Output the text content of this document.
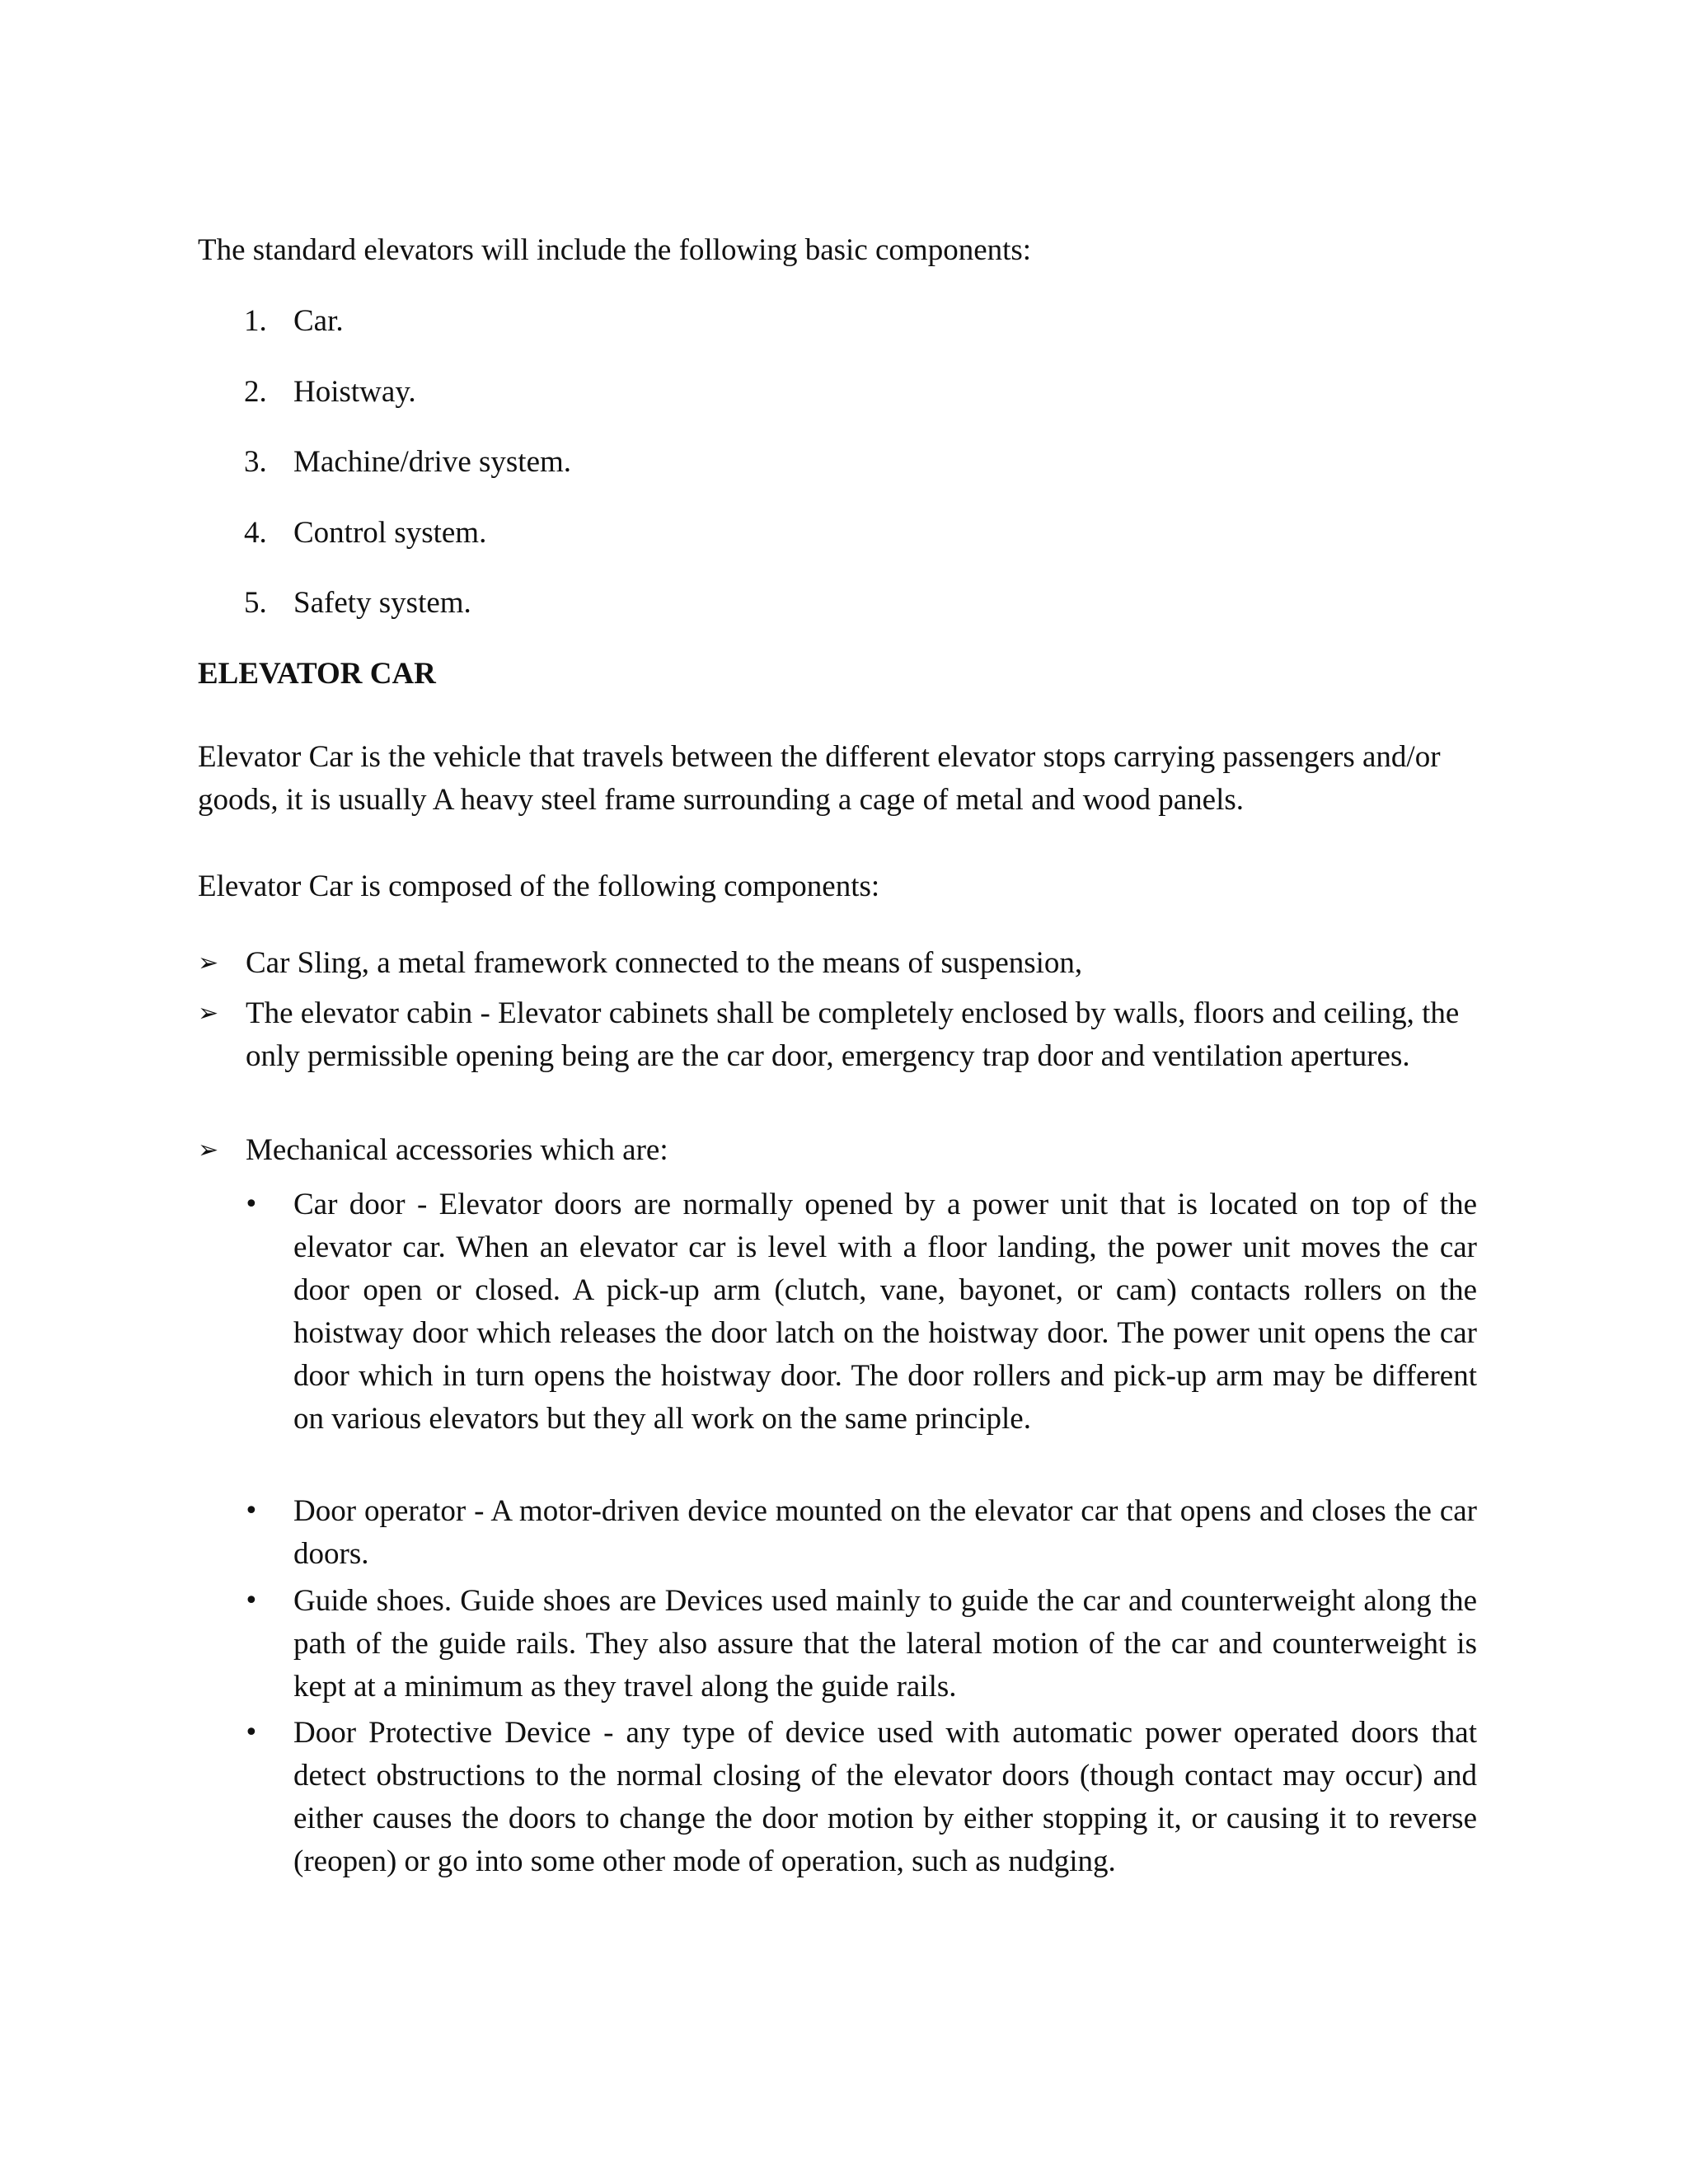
The standard elevators will include the following basic components:

1. Car.

2. Hoistway.

3. Machine/drive system.

4. Control system.

5. Safety system.

ELEVATOR CAR

Elevator Car is the vehicle that travels between the different elevator stops carrying passengers and/or goods, it is usually A heavy steel frame surrounding a cage of metal and wood panels.

Elevator Car is composed of the following components:

➢ Car Sling, a metal framework connected to the means of suspension,

➢ The elevator cabin - Elevator cabinets shall be completely enclosed by walls, floors and ceiling, the only permissible opening being are the car door, emergency trap door and ventilation apertures.

➢ Mechanical accessories which are:

• Car door - Elevator doors are normally opened by a power unit that is located on top of the elevator car. When an elevator car is level with a floor landing, the power unit moves the car door open or closed. A pick-up arm (clutch, vane, bayonet, or cam) contacts rollers on the hoistway door which releases the door latch on the hoistway door. The power unit opens the car door which in turn opens the hoistway door. The door rollers and pick-up arm may be different on various elevators but they all work on the same principle.

• Door operator - A motor-driven device mounted on the elevator car that opens and closes the car doors.

• Guide shoes. Guide shoes are Devices used mainly to guide the car and counterweight along the path of the guide rails. They also assure that the lateral motion of the car and counterweight is kept at a minimum as they travel along the guide rails.

• Door Protective Device - any type of device used with automatic power operated doors that detect obstructions to the normal closing of the elevator doors (though contact may occur) and either causes the doors to change the door motion by either stopping it, or causing it to reverse (reopen) or go into some other mode of operation, such as nudging.
